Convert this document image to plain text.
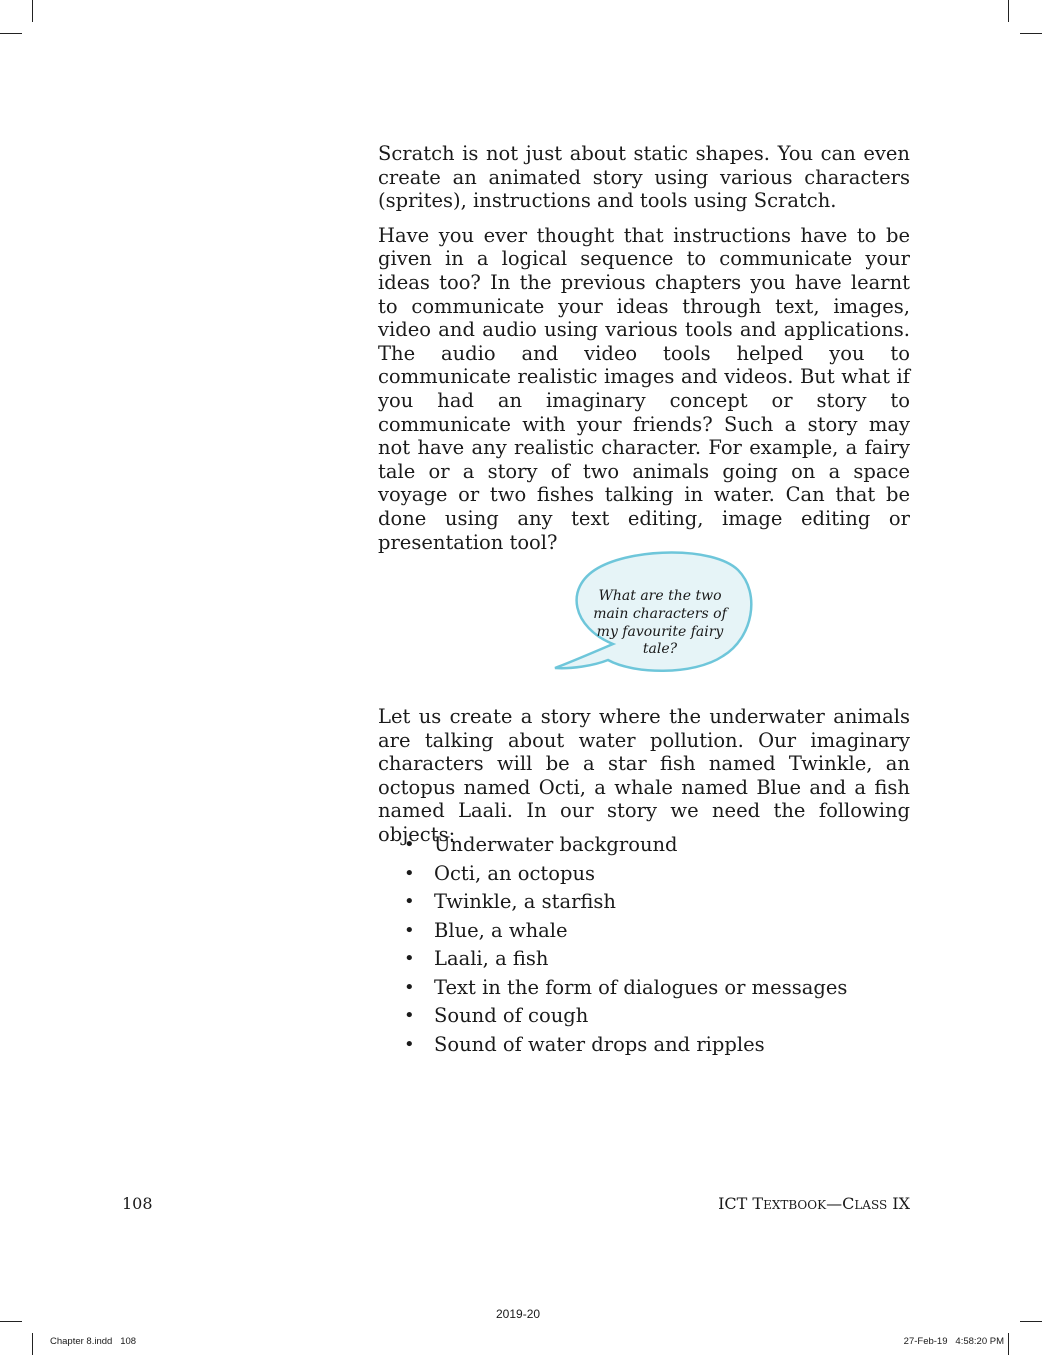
Scratch is not just about static shapes. You can even create an animated story using various characters (sprites), instructions and tools using Scratch.

Have you ever thought that instructions have to be given in a logical sequence to communicate your ideas too? In the previous chapters you have learnt to communicate your ideas through text, images, video and audio using various tools and applications. The audio and video tools helped you to communicate realistic images and videos. But what if you had an imaginary concept or story to communicate with your friends? Such a story may not have any realistic character. For example, a fairy tale or a story of two animals going on a space voyage or two fishes talking in water. Can that be done using any text editing, image editing or presentation tool?

What are the two main characters of my favourite fairy tale?

Let us create a story where the underwater animals are talking about water pollution. Our imaginary characters will be a star fish named Twinkle, an octopus named Octi, a whale named Blue and a fish named Laali. In our story we need the following objects:

• Underwater background
• Octi, an octopus
• Twinkle, a starfish
• Blue, a whale
• Laali, a fish
• Text in the form of dialogues or messages
• Sound of cough
• Sound of water drops and ripples
108	ICT TEXTBOOK—CLASS IX
2019-20
Chapter 8.indd   108	27-Feb-19   4:58:20 PM
